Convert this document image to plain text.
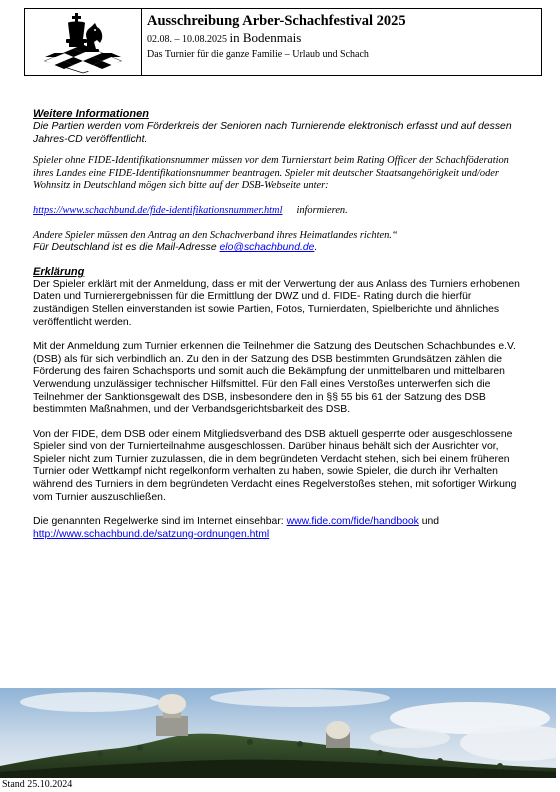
Ausschreibung Arber-Schachfestival 2025
02.08. – 10.08.2025 in Bodenmais
Das Turnier für die ganze Familie – Urlaub und Schach

Weitere Informationen

Die Partien werden vom Förderkreis der Senioren nach Turnierende elektronisch erfasst und auf dessen Jahres-CD veröffentlicht.

Spieler ohne FIDE-Identifikationsnummer müssen vor dem Turnierstart beim Rating Officer der Schachföderation ihres Landes eine FIDE-Identifikationsnummer beantragen. Spieler mit deutscher Staatsangehörigkeit und/oder Wohnsitz in Deutschland mögen sich bitte auf der DSB-Webseite unter:

https://www.schachbund.de/fide-identifikationsnummer.html informieren.

Andere Spieler müssen den Antrag an den Schachverband ihres Heimatlandes richten.“

Für Deutschland ist es die Mail-Adresse elo@schachbund.de.

Erklärung

Der Spieler erklärt mit der Anmeldung, dass er mit der Verwertung der aus Anlass des Turniers erhobenen Daten und Turnierergebnissen für die Ermittlung der DWZ und d. FIDE- Rating durch die hierfür zuständigen Stellen einverstanden ist sowie Partien, Fotos, Turnierdaten, Spielberichte und ähnliches veröffentlicht werden.

Mit der Anmeldung zum Turnier erkennen die Teilnehmer die Satzung des Deutschen Schachbundes e.V. (DSB) als für sich verbindlich an. Zu den in der Satzung des DSB bestimmten Grundsätzen zählen die Förderung des fairen Schachsports und somit auch die Bekämpfung der unmittelbaren und mittelbaren Verwendung unzulässiger technischer Hilfsmittel. Für den Fall eines Verstoßes unterwerfen sich die Teilnehmer der Sanktionsgewalt des DSB, insbesondere den in §§ 55 bis 61 der Satzung des DSB bestimmten Maßnahmen, und der Verbandsgerichtsbarkeit des DSB.

Von der FIDE, dem DSB oder einem Mitgliedsverband des DSB aktuell gesperrte oder ausgeschlossene Spieler sind von der Turnierteilnahme ausgeschlossen. Darüber hinaus behält sich der Ausrichter vor, Spieler nicht zum Turnier zuzulassen, die in dem begründeten Verdacht stehen, sich bei einem früheren Turnier oder Wettkampf nicht regelkonform verhalten zu haben, sowie Spieler, die durch ihr Verhalten während des Turniers in dem begründeten Verdacht eines Regelverstoßes stehen, mit sofortiger Wirkung vom Turnier auszuschließen.

Die genannten Regelwerke sind im Internet einsehbar: www.fide.com/fide/handbook und
http://www.schachbund.de/satzung-ordnungen.html

Stand 25.10.2024
